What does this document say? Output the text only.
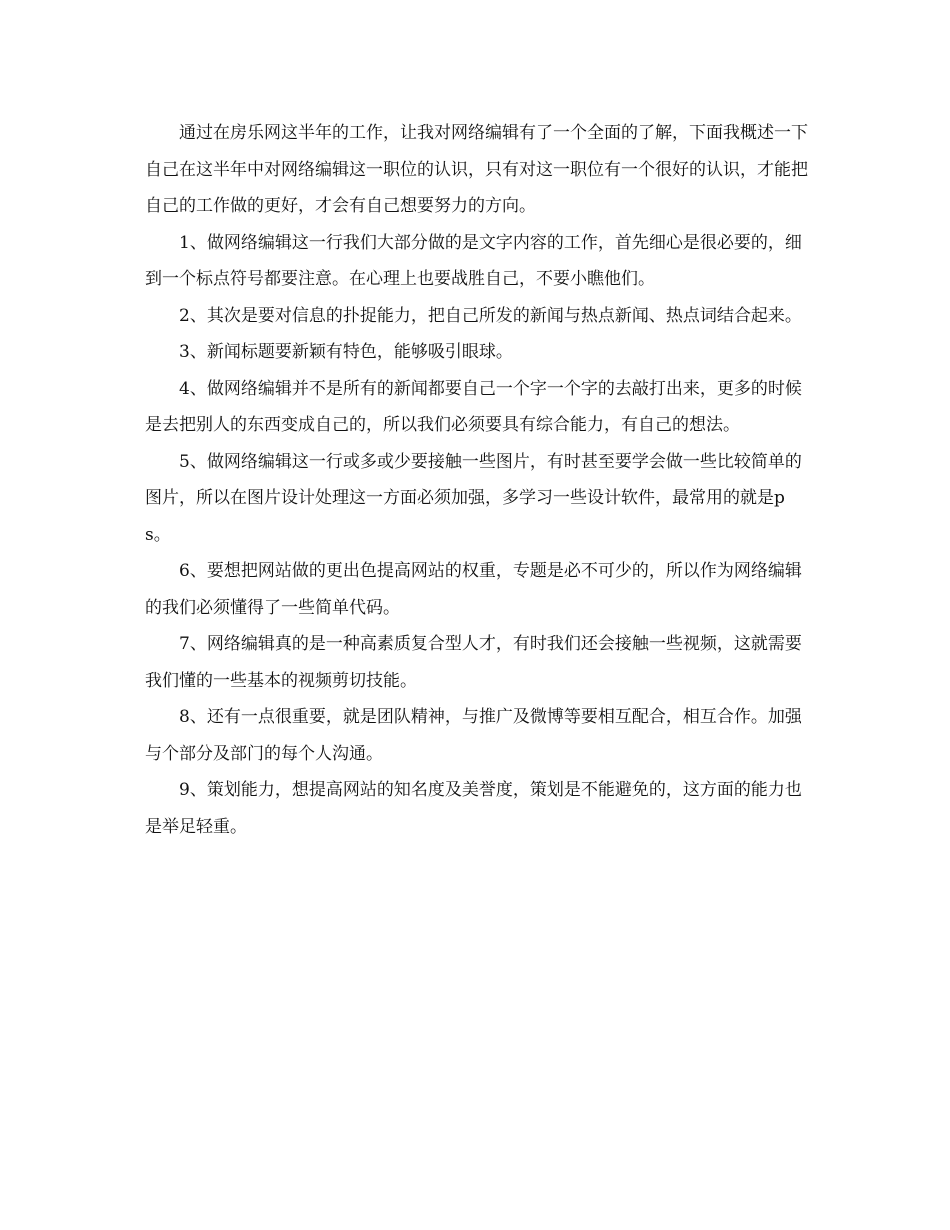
通过在房乐网这半年的工作，让我对网络编辑有了一个全面的了解，下面我概述一下自己在这半年中对网络编辑这一职位的认识，只有对这一职位有一个很好的认识，才能把自己的工作做的更好，才会有自己想要努力的方向。

1、做网络编辑这一行我们大部分做的是文字内容的工作，首先细心是很必要的，细到一个标点符号都要注意。在心理上也要战胜自己，不要小瞧他们。

2、其次是要对信息的扑捉能力，把自己所发的新闻与热点新闻、热点词结合起来。

3、新闻标题要新颖有特色，能够吸引眼球。

4、做网络编辑并不是所有的新闻都要自己一个字一个字的去敲打出来，更多的时候是去把别人的东西变成自己的，所以我们必须要具有综合能力，有自己的想法。

5、做网络编辑这一行或多或少要接触一些图片，有时甚至要学会做一些比较简单的图片，所以在图片设计处理这一方面必须加强，多学习一些设计软件，最常用的就是ps。

6、要想把网站做的更出色提高网站的权重，专题是必不可少的，所以作为网络编辑的我们必须懂得了一些简单代码。

7、网络编辑真的是一种高素质复合型人才，有时我们还会接触一些视频，这就需要我们懂的一些基本的视频剪切技能。

8、还有一点很重要，就是团队精神，与推广及微博等要相互配合，相互合作。加强与个部分及部门的每个人沟通。

9、策划能力，想提高网站的知名度及美誉度，策划是不能避免的，这方面的能力也是举足轻重。
